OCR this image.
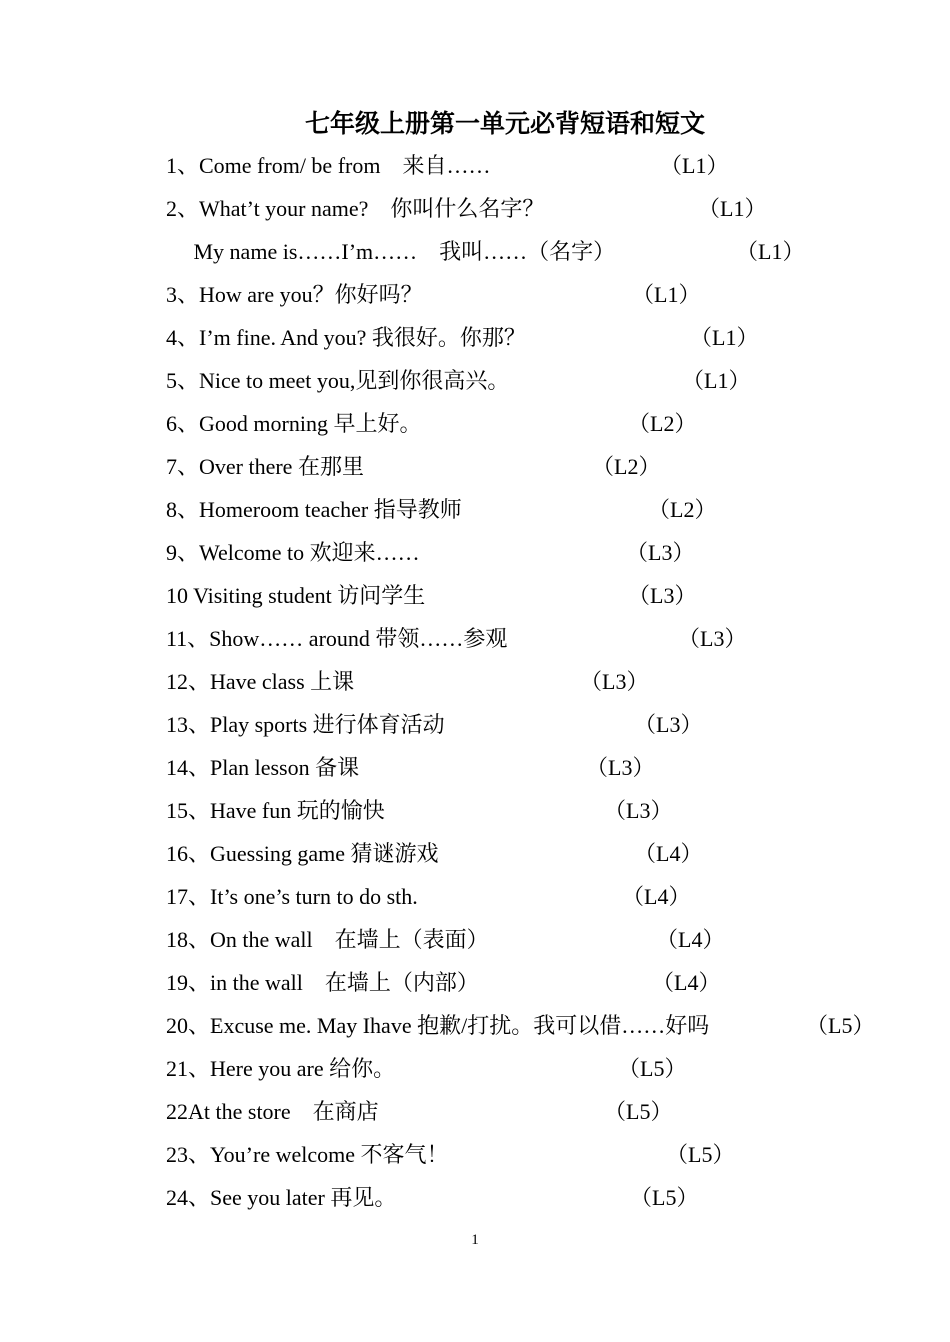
七年级上册第一单元必背短语和短文
1、Come from/ be from　来自……	（L1）
2、What’t your name?　你叫什么名字？	（L1）
　 My name is……I’m……　我叫……（名字）	（L1）
3、How are you？你好吗？	（L1）
4、I’m fine. And you? 我很好。你那？	（L1）
5、Nice to meet you,见到你很高兴。	（L1）
6、Good morning 早上好。	（L2）
7、Over there 在那里	（L2）
8、Homeroom teacher 指导教师	（L2）
9、Welcome to 欢迎来……	（L3）
10 Visiting student 访问学生	（L3）
11、Show…… around 带领……参观	（L3）
12、Have class 上课	（L3）
13、Play sports 进行体育活动	（L3）
14、Plan lesson 备课	（L3）
15、Have fun 玩的愉快	（L3）
16、Guessing game 猜谜游戏	（L4）
17、It’s one’s turn to do sth.	（L4）
18、On the wall　在墙上（表面）	（L4）
19、in the wall　在墙上（内部）	（L4）
20、Excuse me. May Ihave 抱歉/打扰。我可以借……好吗	（L5）
21、Here you are 给你。	（L5）
22At the store　在商店	（L5）
23、You’re welcome 不客气！	（L5）
24、See you later 再见。	（L5）
1
